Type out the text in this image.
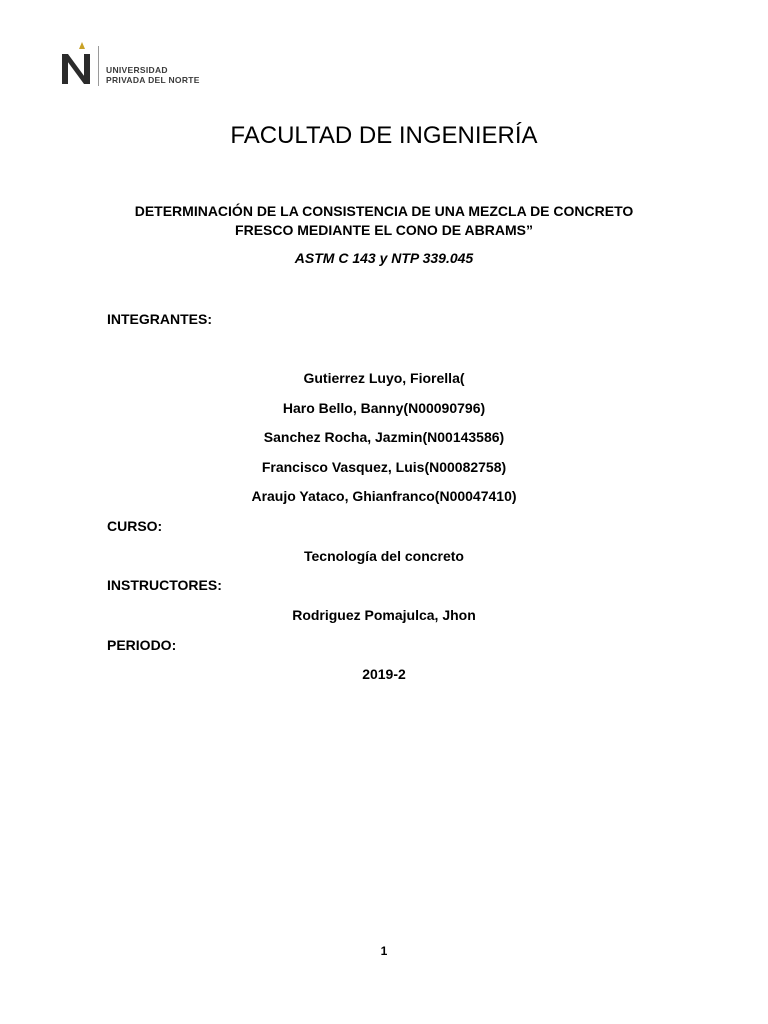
UNIVERSIDAD
PRIVADA DEL NORTE
FACULTAD DE INGENIERÍA
DETERMINACIÓN DE LA CONSISTENCIA DE UNA MEZCLA DE CONCRETO
FRESCO MEDIANTE EL CONO DE ABRAMS”
ASTM C 143 y NTP 339.045
INTEGRANTES:
Gutierrez Luyo, Fiorella(
Haro Bello, Banny(N00090796)
Sanchez Rocha, Jazmin(N00143586)
Francisco Vasquez, Luis(N00082758)
Araujo Yataco, Ghianfranco(N00047410)
CURSO:
Tecnología del concreto
INSTRUCTORES:
Rodriguez Pomajulca, Jhon
PERIODO:
2019-2
1
